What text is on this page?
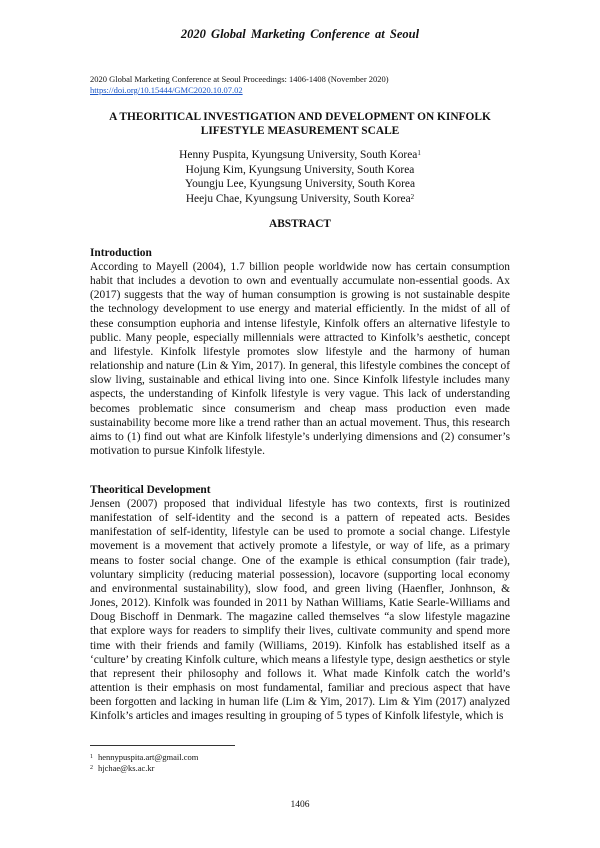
2020 Global Marketing Conference at Seoul
2020 Global Marketing Conference at Seoul Proceedings: 1406-1408 (November 2020)
https://doi.org/10.15444/GMC2020.10.07.02
A THEORITICAL INVESTIGATION AND DEVELOPMENT ON KINFOLK LIFESTYLE MEASUREMENT SCALE
Henny Puspita, Kyungsung University, South Korea$^1$
Hojung Kim, Kyungsung University, South Korea
Youngju Lee, Kyungsung University, South Korea
Heeju Chae, Kyungsung University, South Korea$^2$
ABSTRACT
Introduction

According to Mayell (2004), 1.7 billion people worldwide now has certain consumption habit that includes a devotion to own and eventually accumulate non-essential goods. Ax (2017) suggests that the way of human consumption is growing is not sustainable despite the technology development to use energy and material efficiently. In the midst of all of these consumption euphoria and intense lifestyle, Kinfolk offers an alternative lifestyle to public. Many people, especially millennials were attracted to Kinfolk’s aesthetic, concept and lifestyle. Kinfolk lifestyle promotes slow lifestyle and the harmony of human relationship and nature (Lin & Yim, 2017). In general, this lifestyle combines the concept of slow living, sustainable and ethical living into one. Since Kinfolk lifestyle includes many aspects, the understanding of Kinfolk lifestyle is very vague. This lack of understanding becomes problematic since consumerism and cheap mass production even made sustainability become more like a trend rather than an actual movement. Thus, this research aims to (1) find out what are Kinfolk lifestyle’s underlying dimensions and (2) consumer’s motivation to pursue Kinfolk lifestyle.

Theoritical Development

Jensen (2007) proposed that individual lifestyle has two contexts, first is routinized manifestation of self-identity and the second is a pattern of repeated acts. Besides manifestation of self-identity, lifestyle can be used to promote a social change. Lifestyle movement is a movement that actively promote a lifestyle, or way of life, as a primary means to foster social change. One of the example is ethical consumption (fair trade), voluntary simplicity (reducing material possession), locavore (supporting local economy and environmental sustainability), slow food, and green living (Haenfler, Jonhnson, & Jones, 2012). Kinfolk was founded in 2011 by Nathan Williams, Katie Searle-Williams and Doug Bischoff in Denmark. The magazine called themselves “a slow lifestyle magazine that explore ways for readers to simplify their lives, cultivate community and spend more time with their friends and family (Williams, 2019). Kinfolk has established itself as a ‘culture’ by creating Kinfolk culture, which means a lifestyle type, design aesthetics or style that represent their philosophy and follows it. What made Kinfolk catch the world’s attention is their emphasis on most fundamental, familiar and precious aspect that have been forgotten and lacking in human life (Lim & Yim, 2017). Lim & Yim (2017) analyzed Kinfolk’s articles and images resulting in grouping of 5 types of Kinfolk lifestyle, which is

$^1$ hennypuspita.art@gmail.com
$^2$ hjchae@ks.ac.kr
1406
